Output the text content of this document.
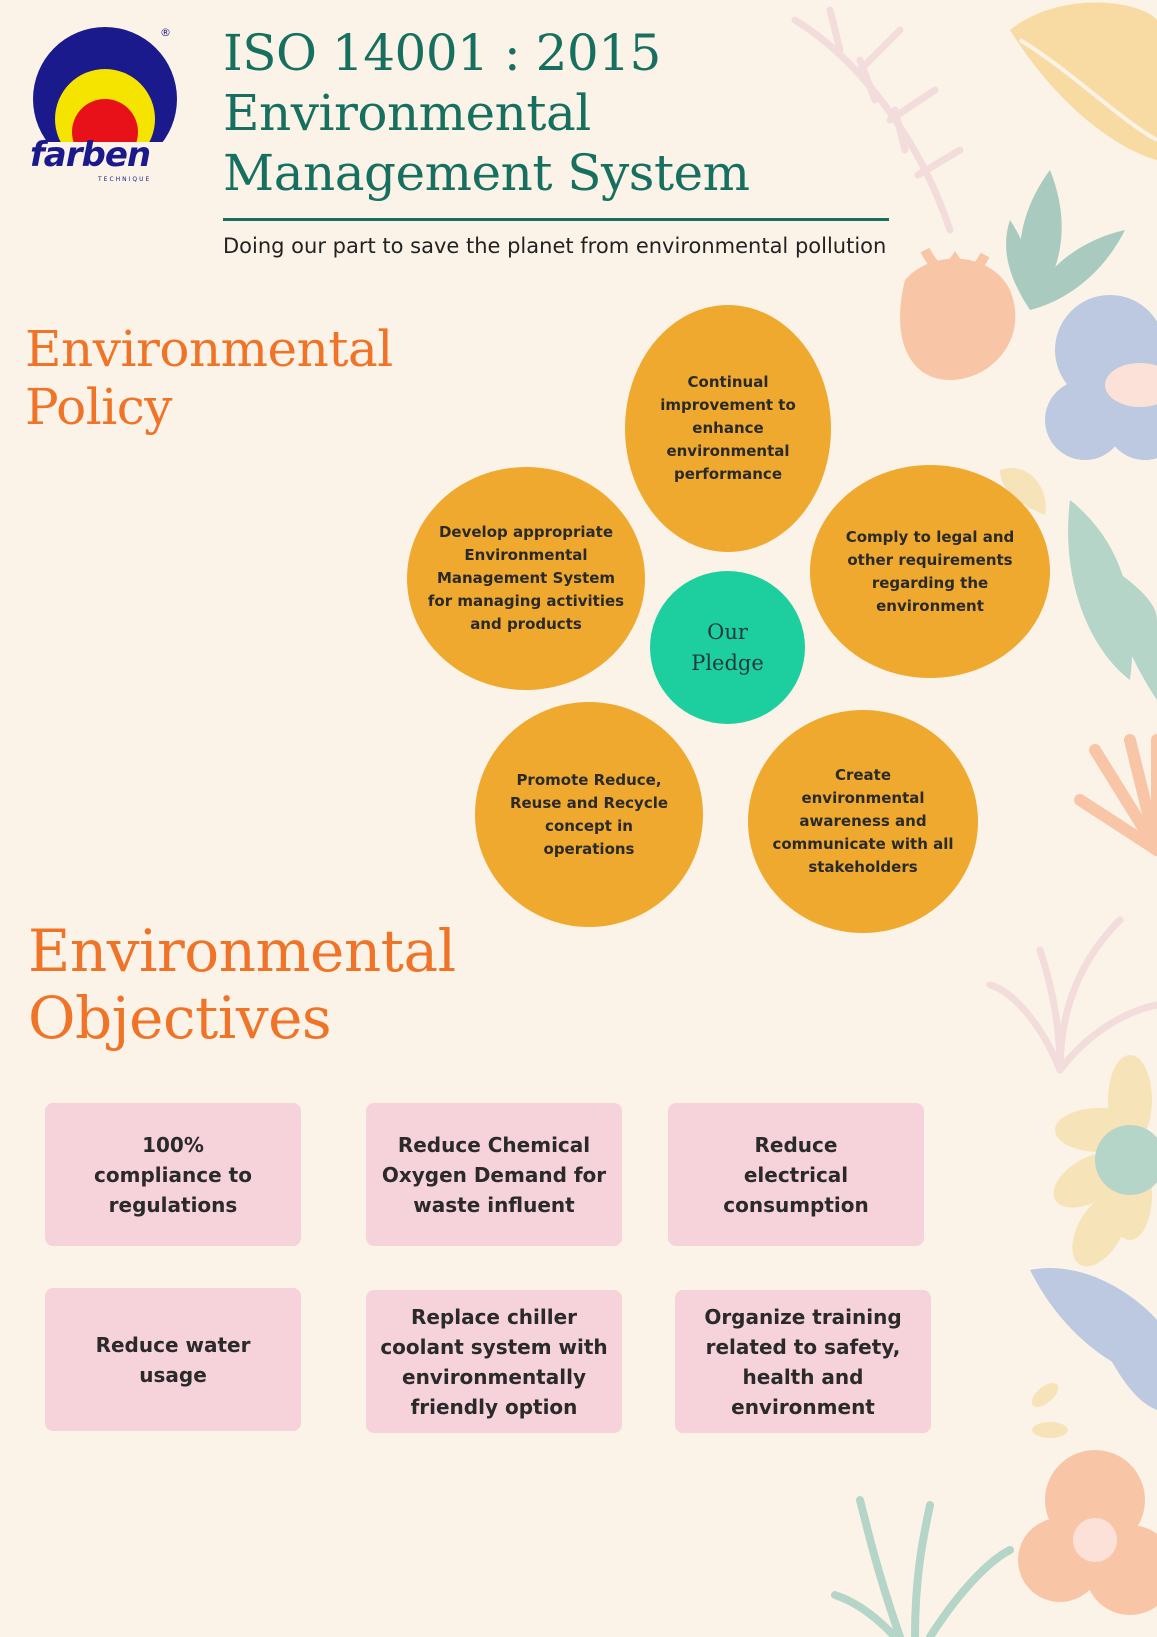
farben
TECHNIQUE
® ISO 14001 : 2015
Environmental
Management System
Doing our part to save the planet from environmental pollution
Environmental
Policy	Continual improvement to enhance environmental performance
Comply to legal and other requirements regarding the environment
Create environmental awareness and communicate with all stakeholders
Promote Reduce, Reuse and Recycle concept in operations
Develop appropriate Environmental Management System for managing activities and products	Our
Pledge
Environmental
Objectives
100% compliance to regulations
Reduce Chemical Oxygen Demand for waste influent
Reduce electrical consumption
Reduce water usage
Replace chiller coolant system with environmentally friendly option
Organize training related to safety, health and environment
